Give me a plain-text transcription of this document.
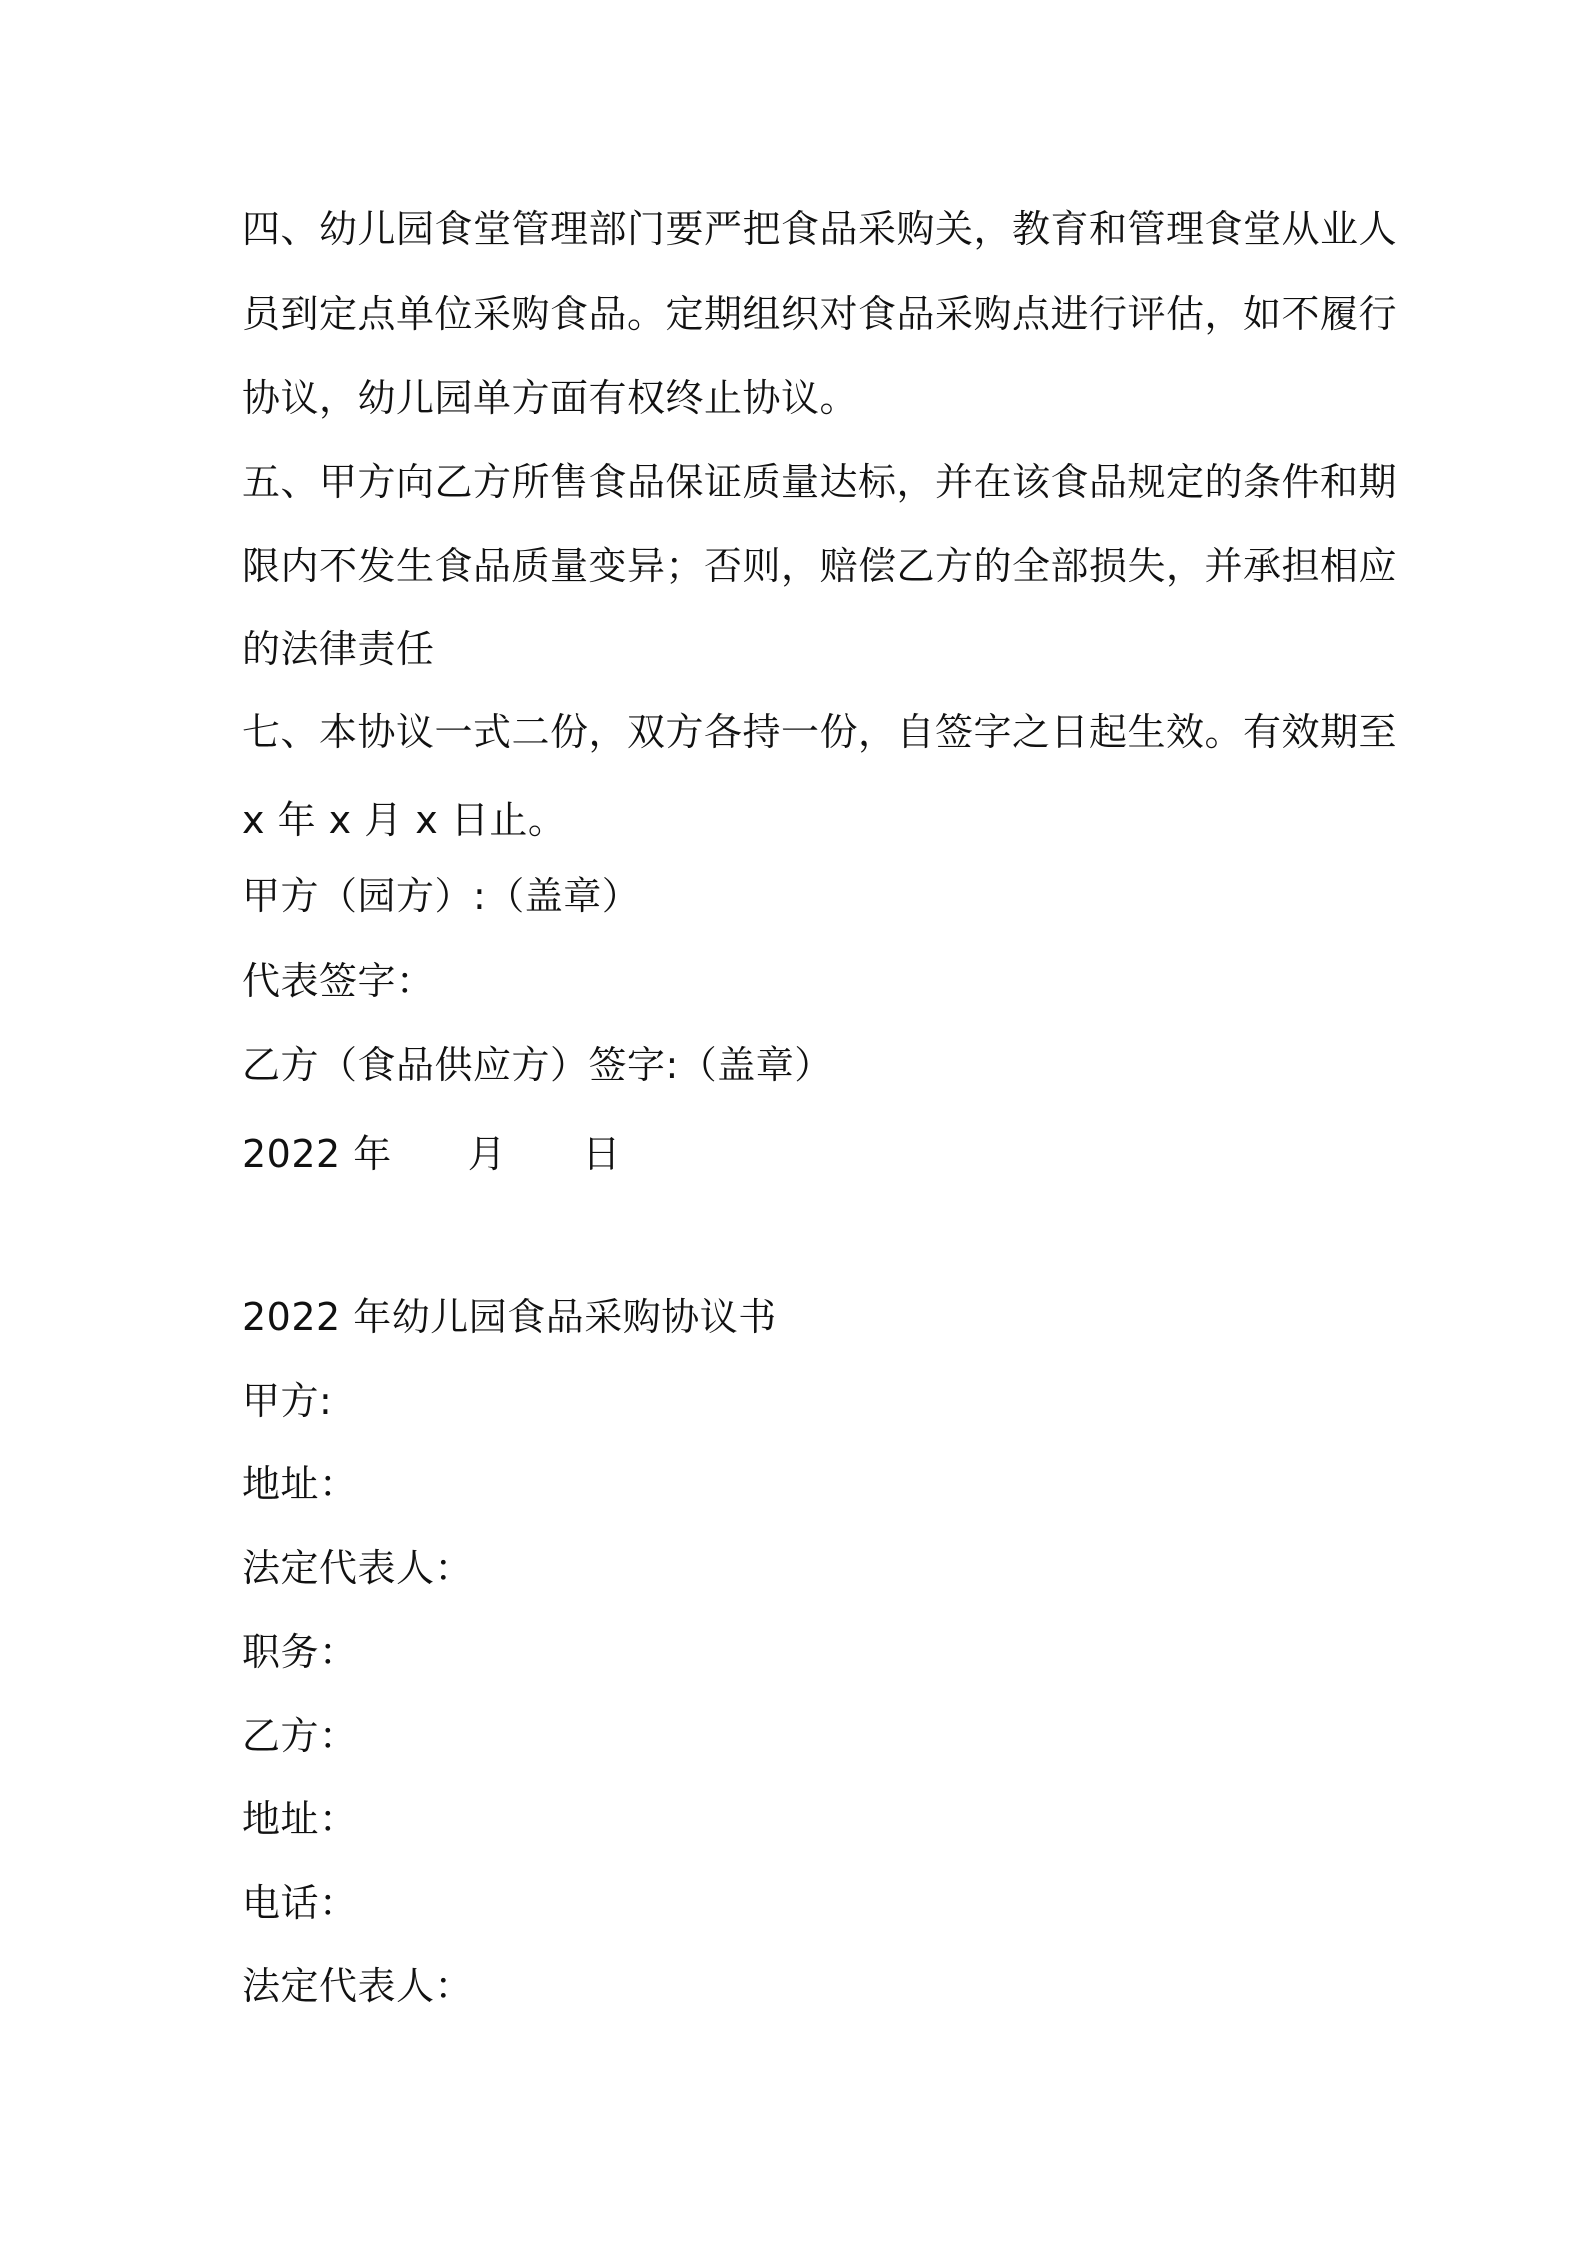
四、幼儿园食堂管理部门要严把食品采购关，教育和管理食堂从业人
员到定点单位采购食品。定期组织对食品采购点进行评估，如不履行
协议，幼儿园单方面有权终止协议。
五、甲方向乙方所售食品保证质量达标，并在该食品规定的条件和期
限内不发生食品质量变异；否则，赔偿乙方的全部损失，并承担相应
的法律责任
七、本协议一式二份，双方各持一份，自签字之日起生效。有效期至
x 年 x 月 x 日止。
甲方（园方）:（盖章）
代表签字：
乙方（食品供应方）签字:（盖章）
2022 年 月 日
2022 年幼儿园食品采购协议书
甲方:
地址：
法定代表人：
职务：
乙方：
地址：
电话：
法定代表人：
